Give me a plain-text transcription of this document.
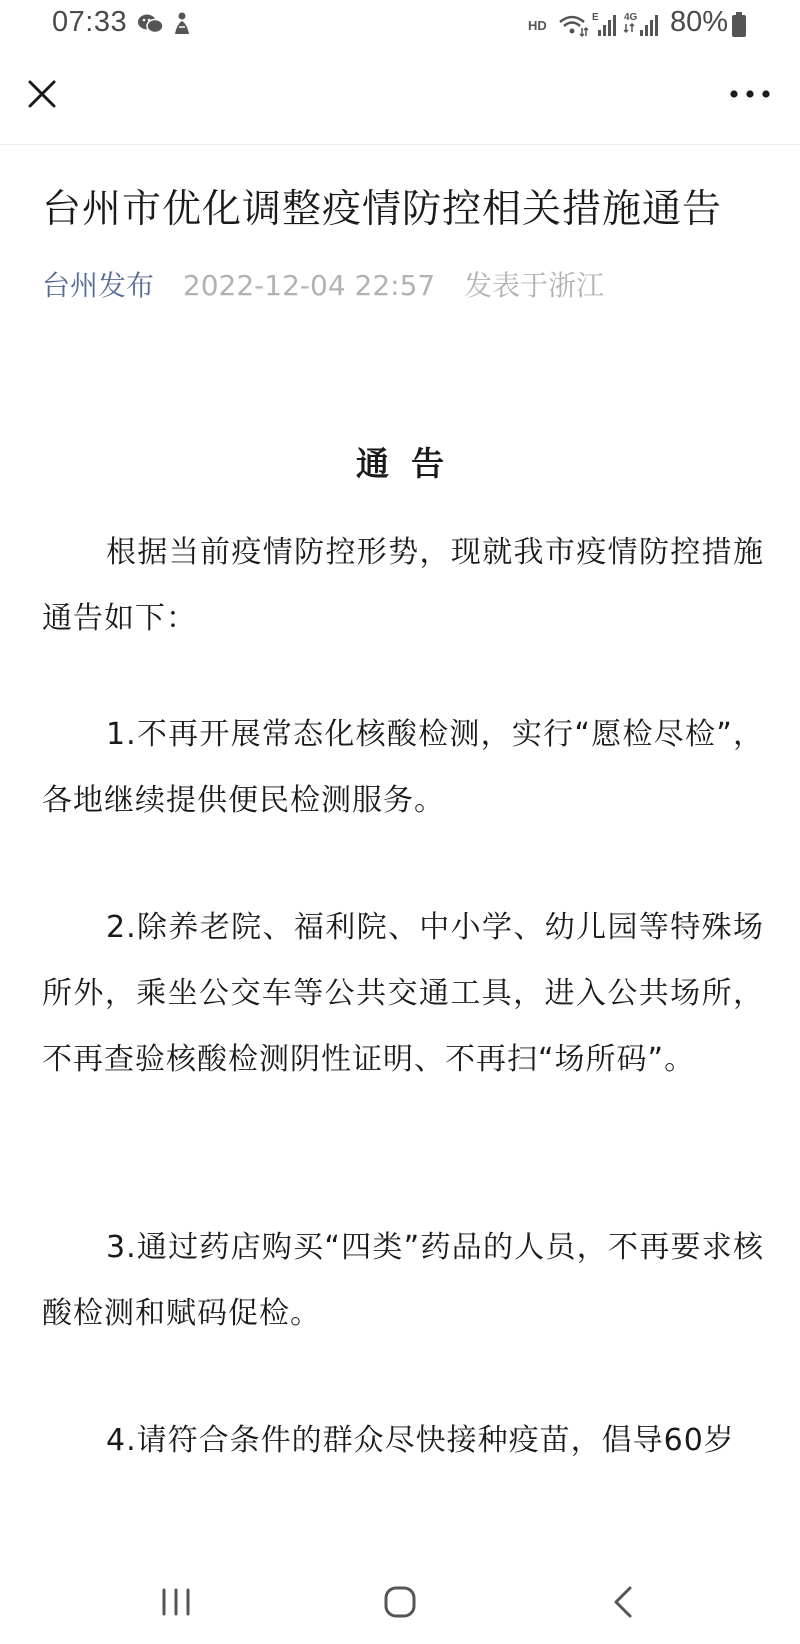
07:33	HD
E	4G 80%
台州市优化调整疫情防控相关措施通告
台州发布 2022-12-04 22:57 发表于浙江
通告

根据当前疫情防控形势，现就我市疫情防控措施通告如下：

1.不再开展常态化核酸检测，实行“愿检尽检”，各地继续提供便民检测服务。

2.除养老院、福利院、中小学、幼儿园等特殊场所外，乘坐公交车等公共交通工具，进入公共场所，不再查验核酸检测阴性证明、不再扫“场所码”。

3.通过药店购买“四类”药品的人员，不再要求核酸检测和赋码促检。

4.请符合条件的群众尽快接种疫苗，倡导60岁
